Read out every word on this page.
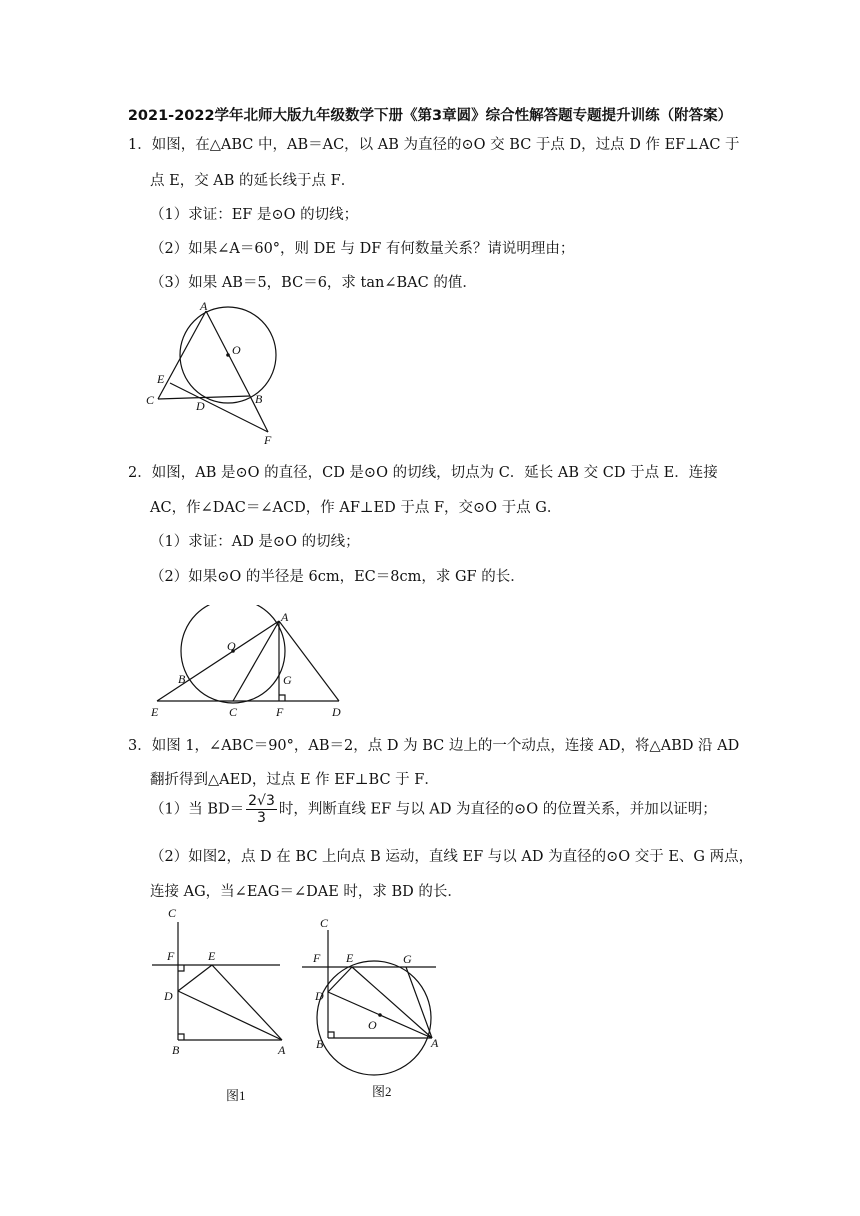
2021-2022学年北师大版九年级数学下册《第3章圆》综合性解答题专题提升训练（附答案）
1．如图，在△ABC 中，AB＝AC，以 AB 为直径的⊙O 交 BC 于点 D，过点 D 作 EF⊥AC 于
点 E，交 AB 的延长线于点 F．
（1）求证：EF 是⊙O 的切线；
（2）如果∠A＝60°，则 DE 与 DF 有何数量关系？请说明理由；
（3）如果 AB＝5，BC＝6，求 tan∠BAC 的值．
A
O
E
C	D	B
F
2．如图，AB 是⊙O 的直径，CD 是⊙O 的切线，切点为 C．延长 AB 交 CD 于点 E．连接
AC，作∠DAC＝∠ACD，作 AF⊥ED 于点 F，交⊙O 于点 G．
（1）求证：AD 是⊙O 的切线；
（2）如果⊙O 的半径是 6cm，EC＝8cm，求 GF 的长．
A
O
B	G
E	C	F	D
3．如图 1，∠ABC＝90°，AB＝2，点 D 为 BC 边上的一个动点，连接 AD，将△ABD 沿 AD
翻折得到△AED，过点 E 作 EF⊥BC 于 F．
（1）当 $BD= \frac{2√3}{3}$ 时，判断直线 EF 与以 AD 为直径的⊙O 的位置关系，并加以证明；
（2）如图2，点 D 在 BC 上向点 B 运动，直线 EF 与以 AD 为直径的⊙O 交于 E、G 两点，
连接 AG，当∠EAG＝∠DAE 时，求 BD 的长．
C
F	E
D
B	A
图1
C
F E	G
D
O
B	A
图2
